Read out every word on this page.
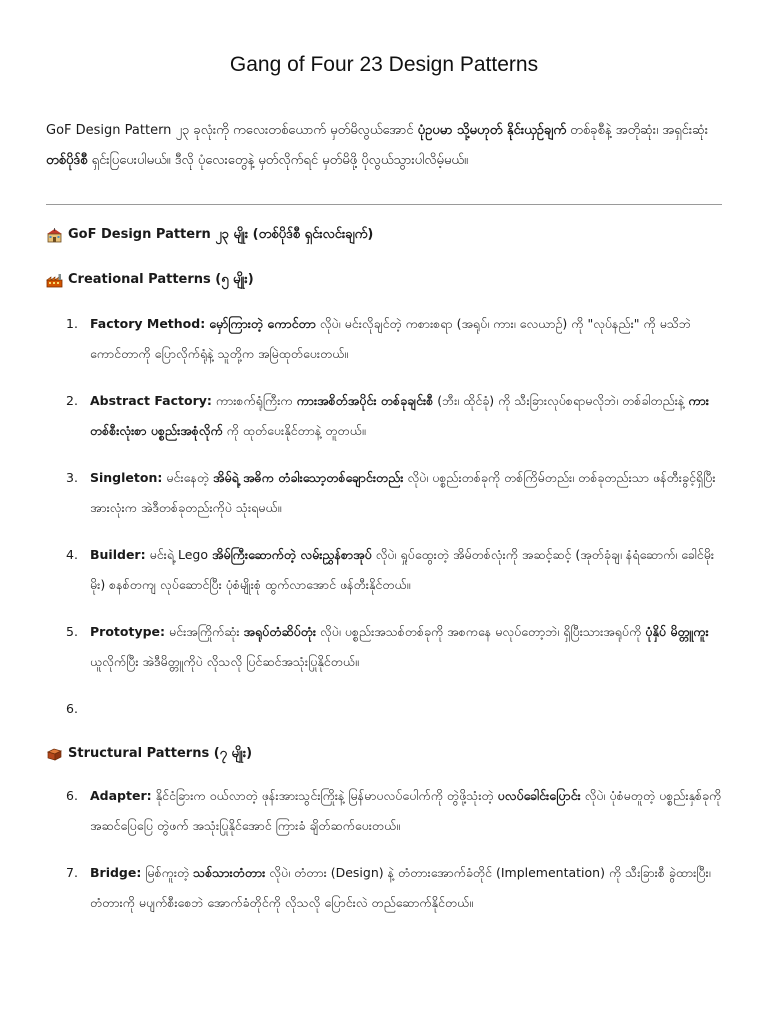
Gang of Four 23 Design Patterns

GoF Design Pattern ၂၃ ခုလုံးကို ကလေးတစ်ယောက် မှတ်မိလွယ်အောင် ပုံဥပမာ သို့မဟုတ် နိုင်းယှဉ်ချက် တစ်ခုစီနဲ့ အတိုဆုံး၊ အရှင်းဆုံး တစ်ပိုဒ်စီ ရှင်းပြပေးပါမယ်။ ဒီလို ပုံလေးတွေနဲ့ မှတ်လိုက်ရင် မှတ်မိဖို့ ပိုလွယ်သွားပါလိမ့်မယ်။

GoF Design Pattern ၂၃ မျိုး (တစ်ပိုဒ်စီ ရှင်းလင်းချက်)
Creational Patterns (၅ မျိုး)
1. Factory Method: မှော်ကြားတဲ့ ကောင်တာ လိုပဲ၊ မင်းလိုချင်တဲ့ ကစားစရာ (အရုပ်၊ ကား၊ လေယာဉ်) ကို "လုပ်နည်း" ကို မသိဘဲ ကောင်တာကို ပြောလိုက်ရုံနဲ့ သူတို့က အမြဲထုတ်ပေးတယ်။
2. Abstract Factory: ကားစက်ရုံကြီးက ကားအစိတ်အပိုင်း တစ်ခုချင်းစီ (ဘီး၊ ထိုင်ခုံ) ကို သီးခြားလုပ်စရာမလိုဘဲ၊ တစ်ခါတည်းနဲ့ ကားတစ်စီးလုံးစာ ပစ္စည်းအစုံလိုက် ကို ထုတ်ပေးနိုင်တာနဲ့ တူတယ်။
3. Singleton: မင်းနေတဲ့ အိမ်ရဲ့ အဓိက တံခါးသော့တစ်ချောင်းတည်း လိုပဲ၊ ပစ္စည်းတစ်ခုကို တစ်ကြိမ်တည်း၊ တစ်ခုတည်းသာ ဖန်တီးခွင့်ရှိပြီး အားလုံးက အဲဒီတစ်ခုတည်းကိုပဲ သုံးရမယ်။
4. Builder: မင်းရဲ့ Lego အိမ်ကြီးဆောက်တဲ့ လမ်းညွှန်စာအုပ် လိုပဲ၊ ရှုပ်ထွေးတဲ့ အိမ်တစ်လုံးကို အဆင့်ဆင့် (အုတ်ခုံချ၊ နံရံဆောက်၊ ခေါင်မိုးမိုး) စနစ်တကျ လုပ်ဆောင်ပြီး ပုံစံမျိုးစုံ ထွက်လာအောင် ဖန်တီးနိုင်တယ်။
5. Prototype: မင်းအကြိုက်ဆုံး အရုပ်တံဆိပ်တုံး လိုပဲ၊ ပစ္စည်းအသစ်တစ်ခုကို အစကနေ မလုပ်တော့ဘဲ၊ ရှိပြီးသားအရုပ်ကို ပုံနှိပ် မိတ္တူကူး ယူလိုက်ပြီး အဲဒီမိတ္တူကိုပဲ လိုသလို ပြင်ဆင်အသုံးပြုနိုင်တယ်။
6.
Structural Patterns (၇ မျိုး)
6. Adapter: နိုင်ငံခြားက ဝယ်လာတဲ့ ဖုန်းအားသွင်းကြိုးနဲ့ မြန်မာပလပ်ပေါက်ကို တွဲဖို့သုံးတဲ့ ပလပ်ခေါင်းပြောင်း လိုပဲ၊ ပုံစံမတူတဲ့ ပစ္စည်းနှစ်ခုကို အဆင်ပြေပြေ တွဲဖက် အသုံးပြုနိုင်အောင် ကြားခံ ချိတ်ဆက်ပေးတယ်။
7. Bridge: မြစ်ကူးတဲ့ သစ်သားတံတား လိုပဲ၊ တံတား (Design) နဲ့ တံတားအောက်ခံတိုင် (Implementation) ကို သီးခြားစီ ခွဲထားပြီး၊ တံတားကို မပျက်စီးစေဘဲ အောက်ခံတိုင်ကို လိုသလို ပြောင်းလဲ တည်ဆောက်နိုင်တယ်။
